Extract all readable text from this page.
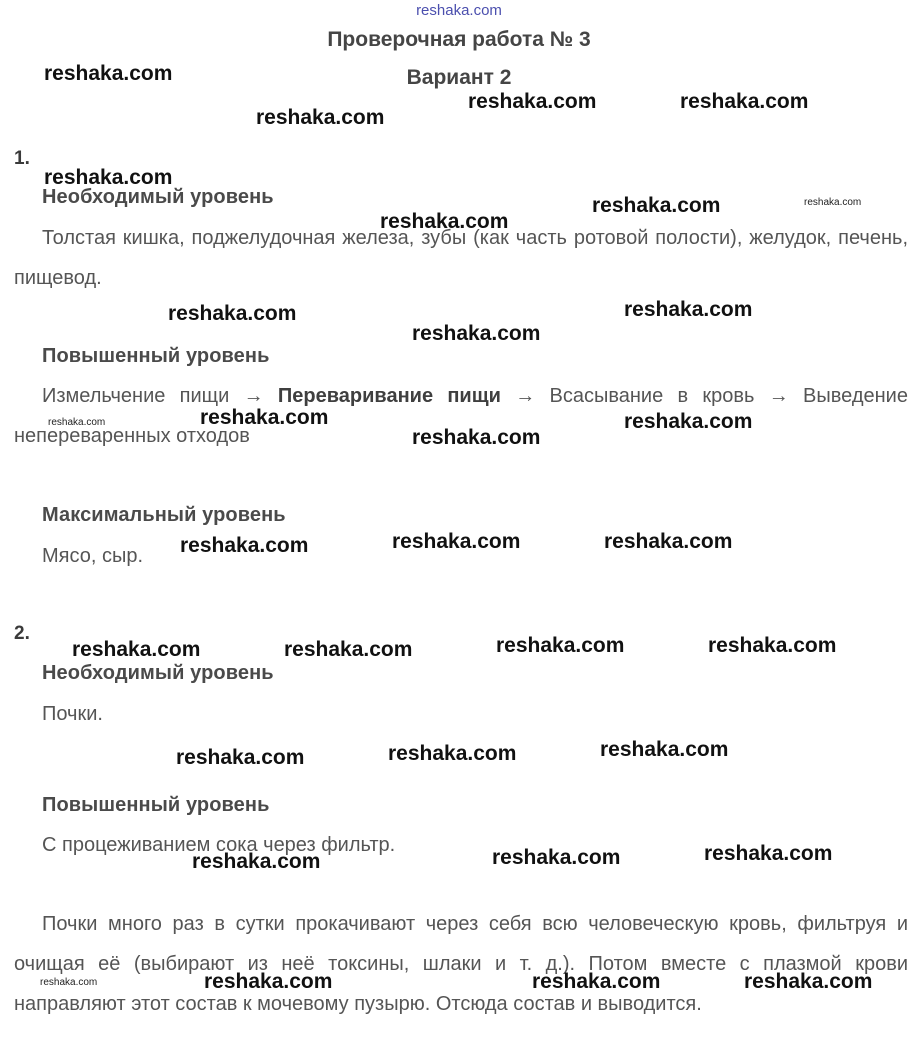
reshaka.com
Проверочная работа № 3
Вариант 2
1.
Необходимый уровень
Толстая кишка, поджелудочная железа, зубы (как часть ротовой полости), желудок, печень, пищевод.
Повышенный уровень
Измельчение пищи → Переваривание пищи → Всасывание в кровь → Выведение непереваренных отходов
Максимальный уровень
Мясо, сыр.
2.
Необходимый уровень
Почки.
Повышенный уровень
С процеживанием сока через фильтр.
Почки много раз в сутки прокачивают через себя всю человеческую кровь, фильтруя и очищая её (выбирают из неё токсины, шлаки и т. д.). Потом вместе с плазмой крови направляют этот состав к мочевому пузырю. Отсюда состав и выводится.
reshaka.com
reshaka.com
reshaka.com	reshaka.com
reshaka.com
reshaka.com
reshaka.com	reshaka.com
reshaka.com
reshaka.com
reshaka.com
reshaka.com	reshaka.com
reshaka.com
reshaka.com
reshaka.com	reshaka.com	reshaka.com
reshaka.com	reshaka.com	reshaka.com	reshaka.com
reshaka.com	reshaka.com	reshaka.com
reshaka.com	reshaka.com	reshaka.com
reshaka.com	reshaka.com	reshaka.com	reshaka.com
